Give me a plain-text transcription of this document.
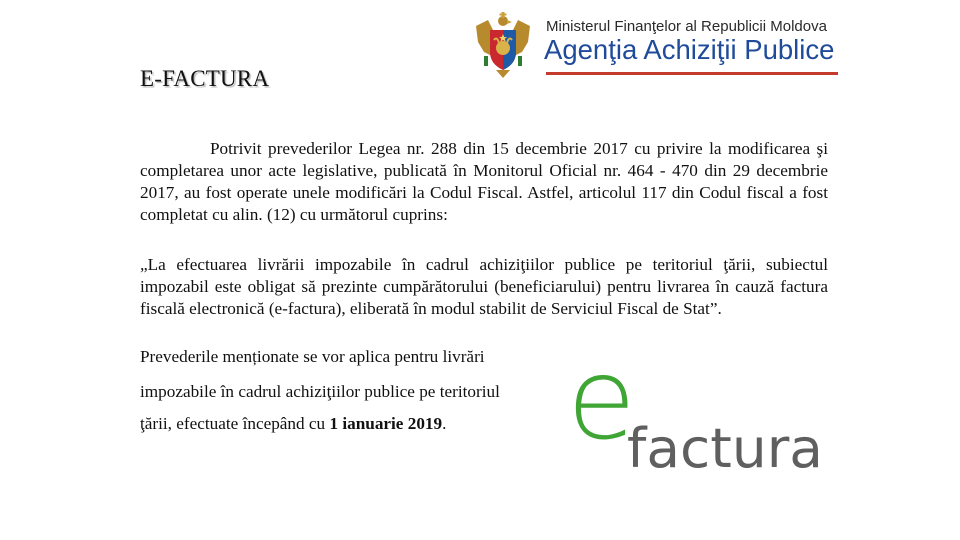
E-FACTURA
Ministerul Finanţelor al Republicii Moldova
Agenţia Achiziţii Publice

Potrivit prevederilor Legea nr. 288 din 15 decembrie 2017 cu privire la modificarea şi completarea unor acte legislative, publicată în Monitorul Oficial nr. 464 - 470 din 29 decembrie 2017, au fost operate unele modificări la Codul Fiscal. Astfel, articolul 117 din Codul fiscal a fost completat cu alin. (12) cu următorul cuprins:

„La efectuarea livrării impozabile în cadrul achiziţiilor publice pe teritoriul ţării, subiectul impozabil este obligat să prezinte cumpărătorului (beneficiarului) pentru livrarea în cauză factura fiscală electronică (e-factura), eliberată în modul stabilit de Serviciul Fiscal de Stat”.

Prevederile menționate se vor aplica pentru livrări

impozabile în cadrul achiziţiilor publice pe teritoriul

ţării, efectuate începând cu 1 ianuarie 2019. e
factura
